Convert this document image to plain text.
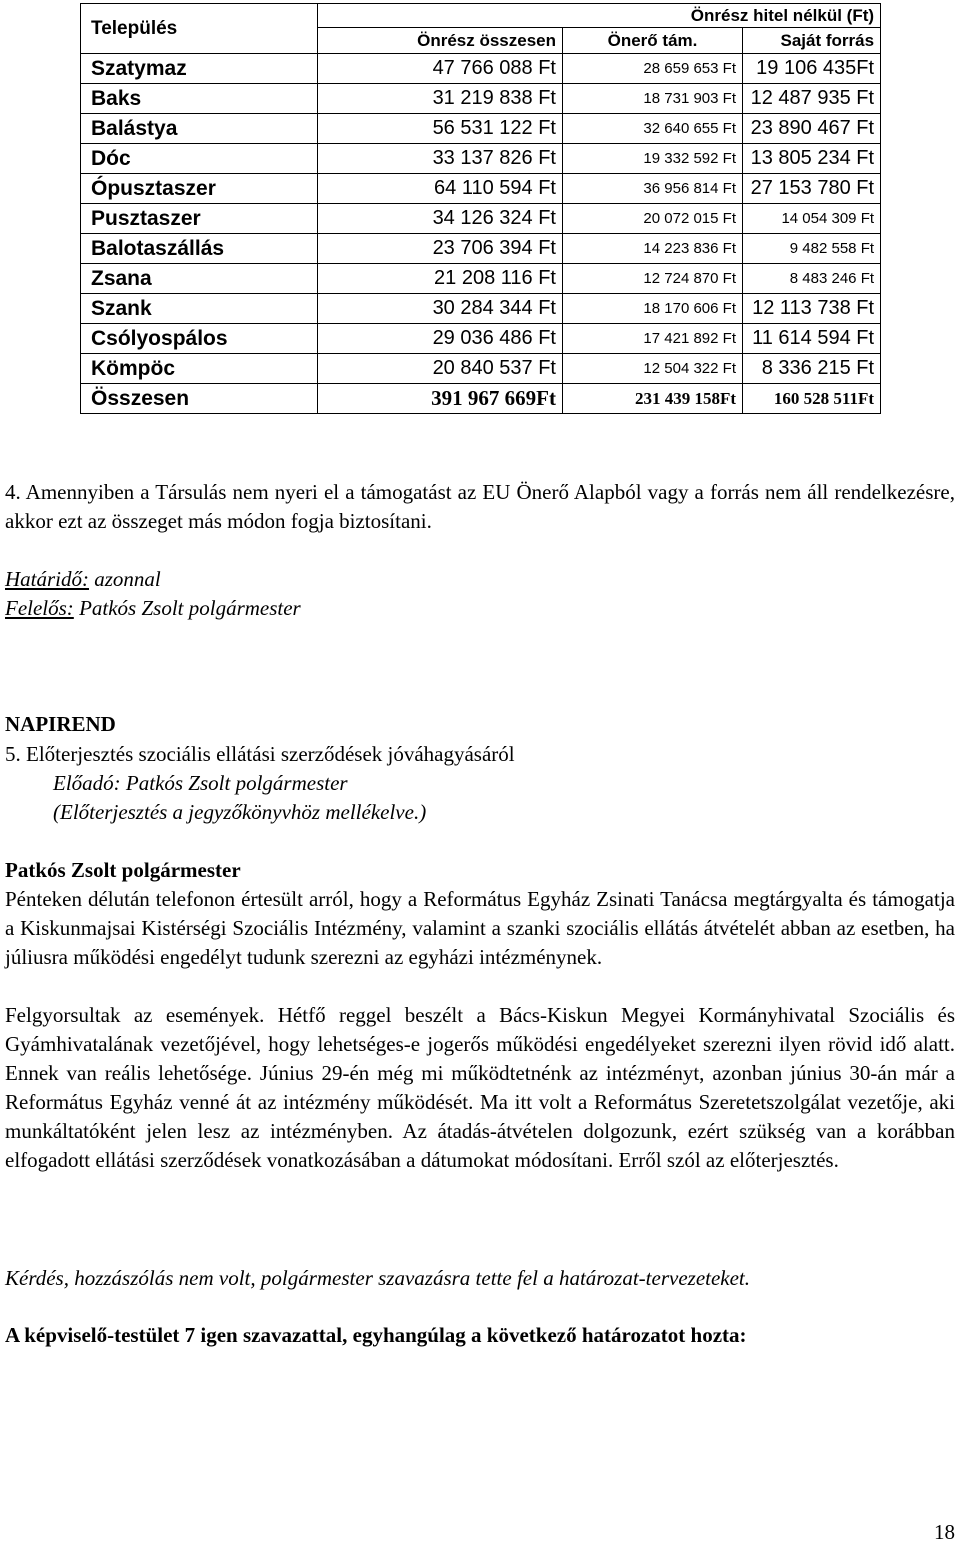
Település	Önrész hitel nélkül (Ft)		
	Önrész összesen	Önerő tám.	Saját forrás
Szatymaz	47 766 088 Ft	28 659 653 Ft	19 106 435Ft
Baks	31 219 838 Ft	18 731 903 Ft	12 487 935 Ft
Balástya	56 531 122 Ft	32 640 655 Ft	23 890 467 Ft
Dóc	33 137 826 Ft	19 332 592 Ft	13 805 234 Ft
Ópusztaszer	64 110 594 Ft	36 956 814 Ft	27 153 780 Ft
Pusztaszer	34 126 324 Ft	20 072 015 Ft	14 054 309 Ft
Balotaszállás	23 706 394 Ft	14 223 836 Ft	9 482 558 Ft
Zsana	21 208 116 Ft	12 724 870 Ft	8 483 246 Ft
Szank	30 284 344 Ft	18 170 606 Ft	12 113 738 Ft
Csólyospálos	29 036 486 Ft	17 421 892 Ft	11 614 594 Ft
Kömpöc	20 840 537 Ft	12 504 322 Ft	8 336 215 Ft
Összesen	391 967 669Ft	231 439 158Ft	160 528 511Ft
4. Amennyiben a Társulás nem nyeri el a támogatást az EU Önerő Alapból vagy a forrás nem áll rendelkezésre, akkor ezt az összeget más módon fogja biztosítani.
Határidő: azonnal
Felelős: Patkós Zsolt polgármester
NAPIREND
5. Előterjesztés szociális ellátási szerződések jóváhagyásáról
Előadó: Patkós Zsolt polgármester
(Előterjesztés a jegyzőkönyvhöz mellékelve.)
Patkós Zsolt polgármester
Pénteken délután telefonon értesült arról, hogy a Református Egyház Zsinati Tanácsa megtárgyalta és támogatja a Kiskunmajsai Kistérségi Szociális Intézmény, valamint a szanki szociális ellátás átvételét abban az esetben, ha júliusra működési engedélyt tudunk szerezni az egyházi intézménynek.
Felgyorsultak az események. Hétfő reggel beszélt a Bács-Kiskun Megyei Kormányhivatal Szociális és Gyámhivatalának vezetőjével, hogy lehetséges-e jogerős működési engedélyeket szerezni ilyen rövid idő alatt. Ennek van reális lehetősége. Június 29-én még mi működtetnénk az intézményt, azonban június 30-án már a Református Egyház venné át az intézmény működését. Ma itt volt a Református Szeretetszolgálat vezetője, aki munkáltatóként jelen lesz az intézményben. Az átadás-átvételen dolgozunk, ezért szükség van a korábban elfogadott ellátási szerződések vonatkozásában a dátumokat módosítani. Erről szól az előterjesztés.
Kérdés, hozzászólás nem volt, polgármester szavazásra tette fel a határozat-tervezeteket.
A képviselő-testület 7 igen szavazattal, egyhangúlag a következő határozatot hozta:
18
